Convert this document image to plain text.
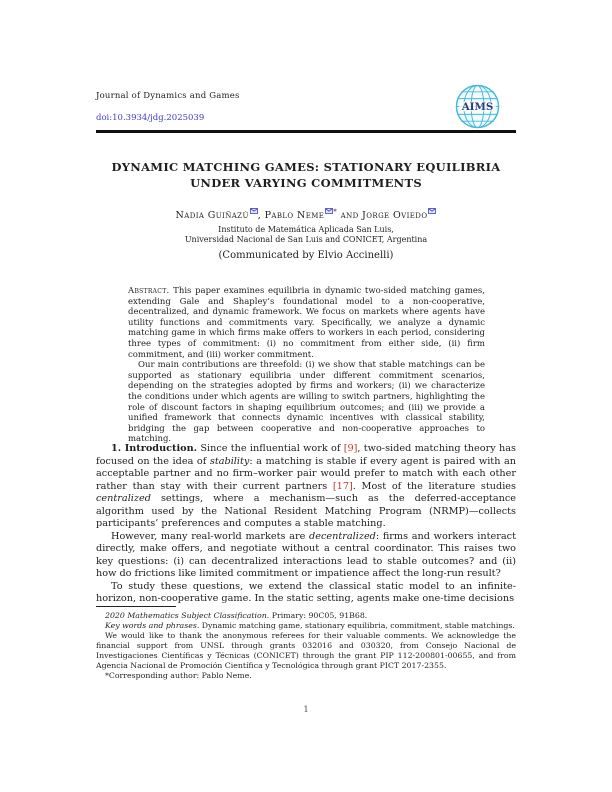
Journal of Dynamics and Games
doi:10.3934/jdg.2025039
AIMS
DYNAMIC MATCHING GAMES: STATIONARY EQUILIBRIA
UNDER VARYING COMMITMENTS
Nadia Guiñazú , Pablo Neme * and Jorge Oviedo
Instituto de Matemática Aplicada San Luis,
Universidad Nacional de San Luis and CONICET, Argentina
(Communicated by Elvio Accinelli)

Abstract. This paper examines equilibria in dynamic two-sided matching games, extending Gale and Shapley’s foundational model to a non-cooperative, decentralized, and dynamic framework. We focus on markets where agents have utility functions and commitments vary. Specifically, we analyze a dynamic matching game in which firms make offers to workers in each period, considering three types of commitment: (i) no commitment from either side, (ii) firm commitment, and (iii) worker commitment.

Our main contributions are threefold: (i) we show that stable matchings can be supported as stationary equilibria under different commitment scenarios, depending on the strategies adopted by firms and workers; (ii) we characterize the conditions under which agents are willing to switch partners, highlighting the role of discount factors in shaping equilibrium outcomes; and (iii) we provide a unified framework that connects dynamic incentives with classical stability, bridging the gap between cooperative and non-cooperative approaches to matching.

1. Introduction. Since the influential work of [9], two-sided matching theory has focused on the idea of stability: a matching is stable if every agent is paired with an acceptable partner and no firm–worker pair would prefer to match with each other rather than stay with their current partners [17]. Most of the literature studies centralized settings, where a mechanism—such as the deferred-acceptance algorithm used by the National Resident Matching Program (NRMP)—collects participants’ preferences and computes a stable matching.

However, many real-world markets are decentralized: firms and workers interact directly, make offers, and negotiate without a central coordinator. This raises two key questions: (i) can decentralized interactions lead to stable outcomes? and (ii) how do frictions like limited commitment or impatience affect the long-run result?

To study these questions, we extend the classical static model to an infinite-horizon, non-cooperative game. In the static setting, agents make one-time decisions

2020 Mathematics Subject Classification. Primary: 90C05, 91B68.

Key words and phrases. Dynamic matching game, stationary equilibria, commitment, stable matchings.

We would like to thank the anonymous referees for their valuable comments. We acknowledge the financial support from UNSL through grants 032016 and 030320, from Consejo Nacional de Investigaciones Científicas y Técnicas (CONICET) through the grant PIP 112-200801-00655, and from Agencia Nacional de Promoción Científica y Tecnológica through grant PICT 2017-2355.

*Corresponding author: Pablo Neme.

1
